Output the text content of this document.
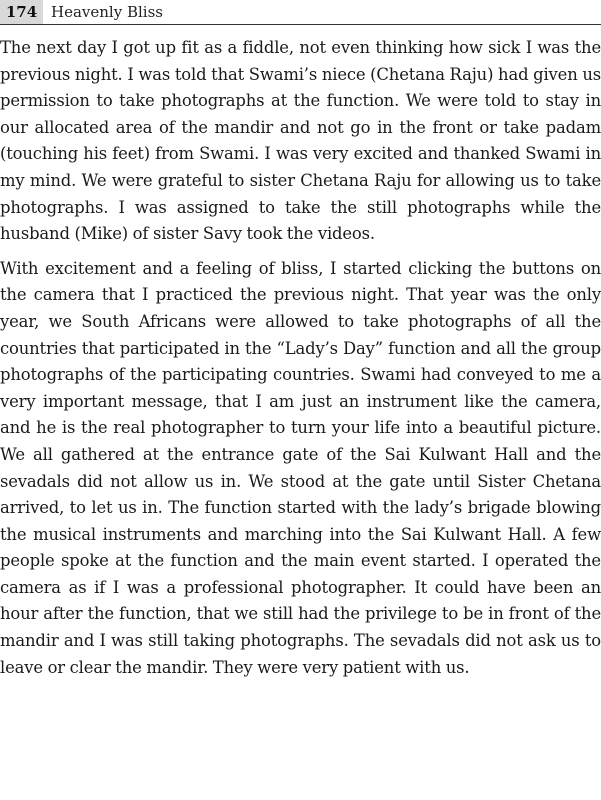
174 Heavenly Bliss

The next day I got up fit as a fiddle, not even thinking how sick I was the previous night. I was told that Swami’s niece (Chetana Raju) had given us permission to take photographs at the function. We were told to stay in our allocated area of the mandir and not go in the front or take padam (touching his feet) from Swami. I was very excited and thanked Swami in my mind. We were grateful to sister Chetana Raju for allowing us to take photographs. I was assigned to take the still photographs while the husband (Mike) of sister Savy took the videos.

With excitement and a feeling of bliss, I started clicking the buttons on the camera that I practiced the previous night. That year was the only year, we South Africans were allowed to take photographs of all the countries that participated in the “Lady’s Day” function and all the group photographs of the participating countries. Swami had conveyed to me a very important message, that I am just an instrument like the camera, and he is the real photographer to turn your life into a beautiful picture. We all gathered at the entrance gate of the Sai Kulwant Hall and the sevadals did not allow us in. We stood at the gate until Sister Chetana arrived, to let us in. The function started with the lady’s brigade blowing the musical instruments and marching into the Sai Kulwant Hall. A few people spoke at the function and the main event started. I operated the camera as if I was a professional photographer. It could have been an hour after the function, that we still had the privilege to be in front of the mandir and I was still taking photographs. The sevadals did not ask us to leave or clear the mandir. They were very patient with us.
